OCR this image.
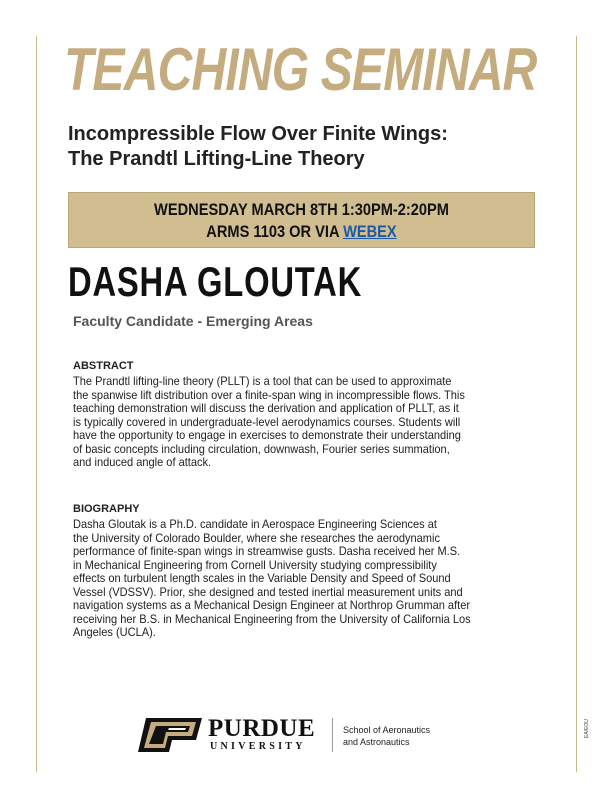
TEACHING SEMINAR
Incompressible Flow Over Finite Wings:
The Prandtl Lifting-Line Theory
WEDNESDAY MARCH 8TH 1:30PM-2:20PM
ARMS 1103 OR VIA WEBEX
DASHA GLOUTAK
Faculty Candidate - Emerging Areas
ABSTRACT
The Prandtl lifting-line theory (PLLT) is a tool that can be used to approximate
the spanwise lift distribution over a finite-span wing in incompressible flows. This
teaching demonstration will discuss the derivation and application of PLLT, as it
is typically covered in undergraduate-level aerodynamics courses. Students will
have the opportunity to engage in exercises to demonstrate their understanding
of basic concepts including circulation, downwash, Fourier series summation,
and induced angle of attack.
BIOGRAPHY
Dasha Gloutak is a Ph.D. candidate in Aerospace Engineering Sciences at
the University of Colorado Boulder, where she researches the aerodynamic
performance of finite-span wings in streamwise gusts. Dasha received her M.S.
in Mechanical Engineering from Cornell University studying compressibility
effects on turbulent length scales in the Variable Density and Speed of Sound
Vessel (VDSSV). Prior, she designed and tested inertial measurement units and
navigation systems as a Mechanical Design Engineer at Northrop Grumman after
receiving her B.S. in Mechanical Engineering from the University of California Los
Angeles (UCLA).
PURDUE
UNIVERSITY
School of Aeronautics
and Astronautics
EA/EOU
